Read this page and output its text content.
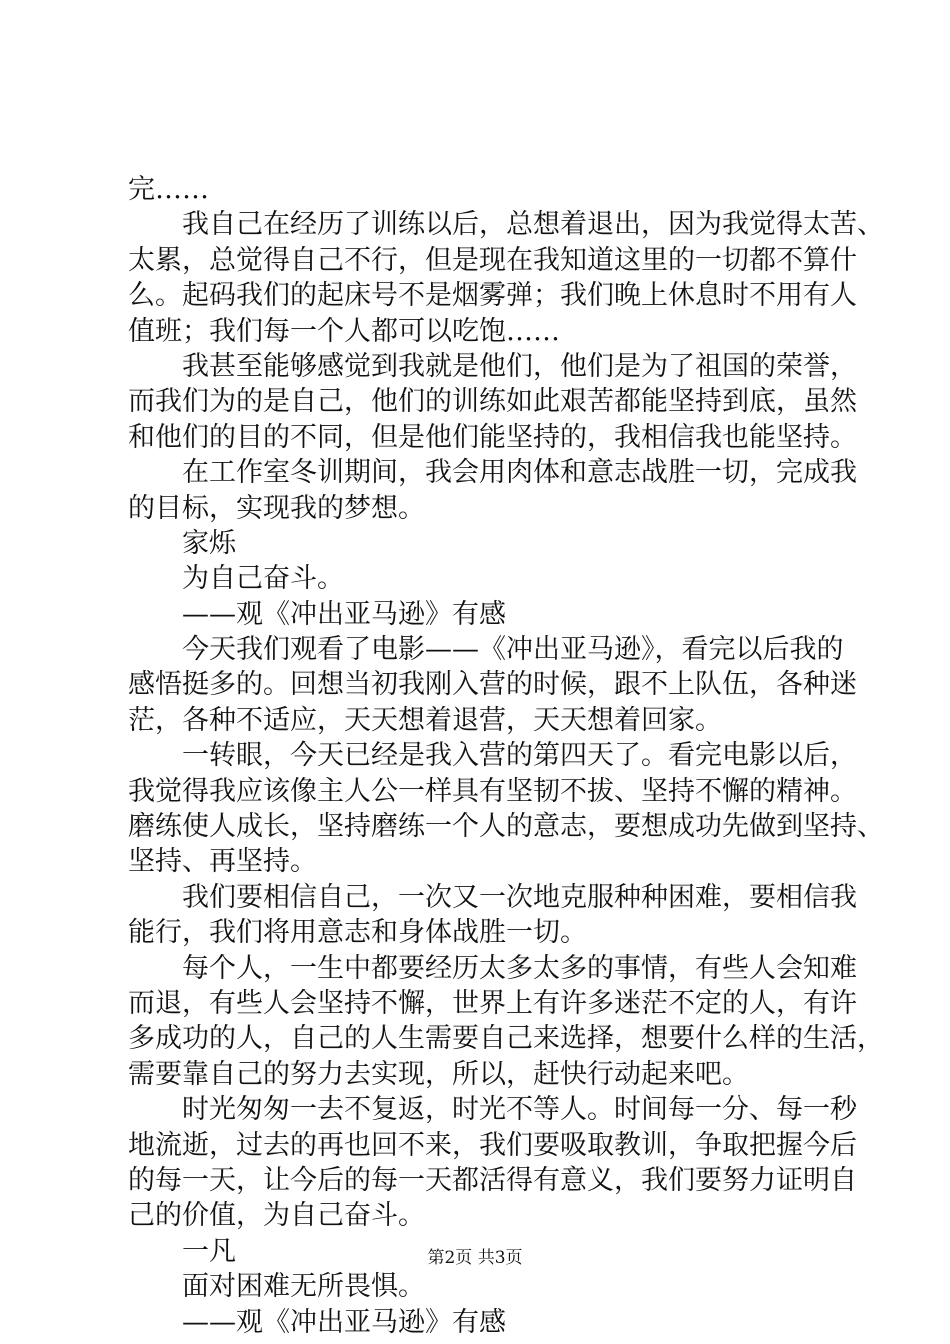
完……
　　我自己在经历了训练以后，总想着退出，因为我觉得太苦、
太累，总觉得自己不行，但是现在我知道这里的一切都不算什
么。起码我们的起床号不是烟雾弹；我们晚上休息时不用有人
值班；我们每一个人都可以吃饱……
　　我甚至能够感觉到我就是他们，他们是为了祖国的荣誉，
而我们为的是自己，他们的训练如此艰苦都能坚持到底，虽然
和他们的目的不同，但是他们能坚持的，我相信我也能坚持。
　　在工作室冬训期间，我会用肉体和意志战胜一切，完成我
的目标，实现我的梦想。
　　家烁
　　为自己奋斗。
　　——观《冲出亚马逊》有感
　　今天我们观看了电影——《冲出亚马逊》，看完以后我的
感悟挺多的。回想当初我刚入营的时候，跟不上队伍，各种迷
茫，各种不适应，天天想着退营，天天想着回家。
　　一转眼，今天已经是我入营的第四天了。看完电影以后，
我觉得我应该像主人公一样具有坚韧不拔、坚持不懈的精神。
磨练使人成长，坚持磨练一个人的意志，要想成功先做到坚持、
坚持、再坚持。
　　我们要相信自己，一次又一次地克服种种困难，要相信我
能行，我们将用意志和身体战胜一切。
　　每个人，一生中都要经历太多太多的事情，有些人会知难
而退，有些人会坚持不懈，世界上有许多迷茫不定的人，有许
多成功的人，自己的人生需要自己来选择，想要什么样的生活，
需要靠自己的努力去实现，所以，赶快行动起来吧。
　　时光匆匆一去不复返，时光不等人。时间每一分、每一秒
地流逝，过去的再也回不来，我们要吸取教训，争取把握今后
的每一天，让今后的每一天都活得有意义，我们要努力证明自
己的价值，为自己奋斗。
　　一凡
　　面对困难无所畏惧。
　　——观《冲出亚马逊》有感
第2页 共3页
